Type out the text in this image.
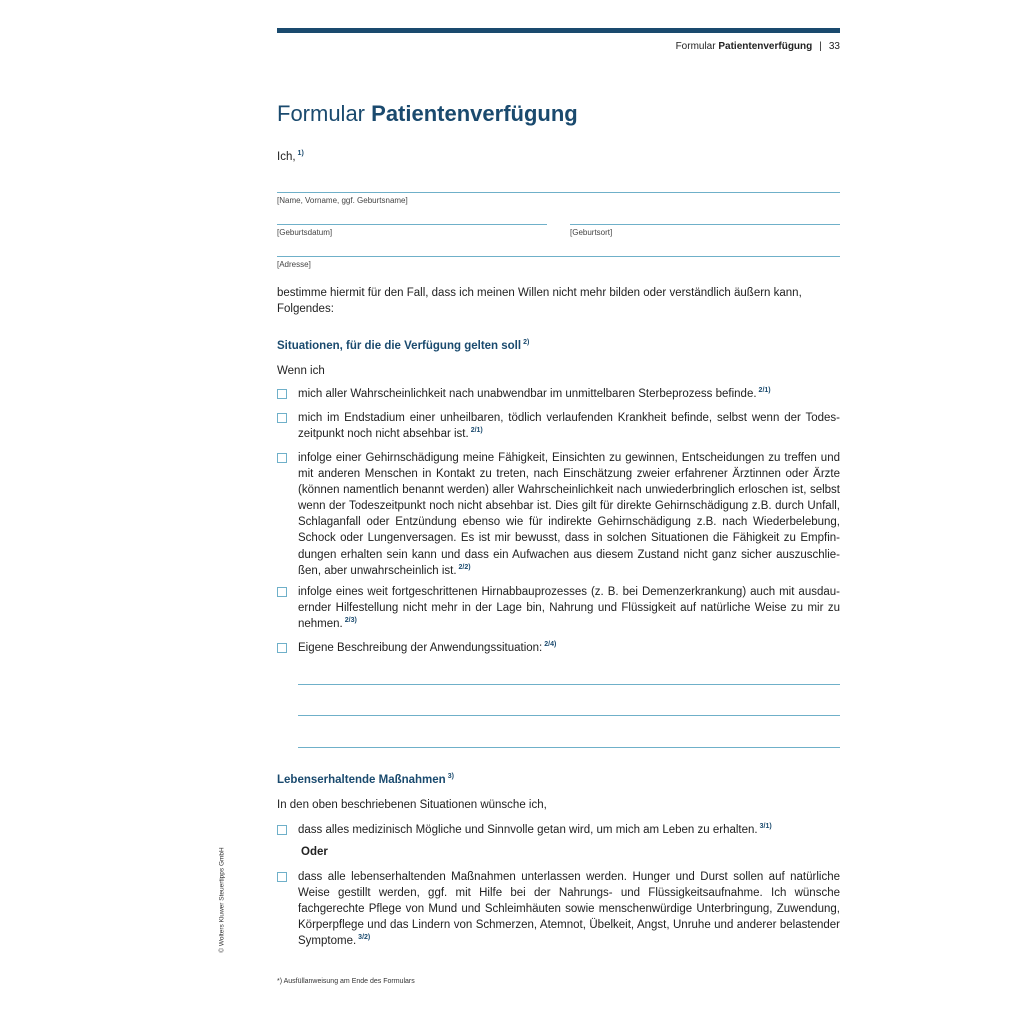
Formular Patientenverfügung | 33
Formular Patientenverfügung
Ich, $^{1)}$
[Name, Vorname, ggf. Geburtsname]
[Geburtsdatum]	[Geburtsort]
[Adresse]
bestimme hiermit für den Fall, dass ich meinen Willen nicht mehr bilden oder verständlich äußern kann, Folgendes:
Situationen, für die die Verfügung gelten soll $^{2)}$
Wenn ich
mich aller Wahrscheinlichkeit nach unabwendbar im unmittelbaren Sterbeprozess befinde. $^{2/1)}$
mich im Endstadium einer unheilbaren, tödlich verlaufenden Krankheit befinde, selbst wenn der Todes-zeitpunkt noch nicht absehbar ist. $^{2/1)}$
infolge einer Gehirnschädigung meine Fähigkeit, Einsichten zu gewinnen, Entscheidungen zu treffen und mit anderen Menschen in Kontakt zu treten, nach Einschätzung zweier erfahrener Ärztinnen oder Ärzte (können namentlich benannt werden) aller Wahrscheinlichkeit nach unwiederbringlich erloschen ist, selbst wenn der Todeszeitpunkt noch nicht absehbar ist. Dies gilt für direkte Gehirnschädigung z.B. durch Unfall, Schlaganfall oder Entzündung ebenso wie für indirekte Gehirnschädigung z.B. nach Wiederbelebung, Schock oder Lungenversagen. Es ist mir bewusst, dass in solchen Situationen die Fähigkeit zu Empfin-dungen erhalten sein kann und dass ein Aufwachen aus diesem Zustand nicht ganz sicher auszuschlie-ßen, aber unwahrscheinlich ist. $^{2/2)}$
infolge eines weit fortgeschrittenen Hirnabbauprozesses (z. B. bei Demenzerkrankung) auch mit ausdau-ernder Hilfestellung nicht mehr in der Lage bin, Nahrung und Flüssigkeit auf natürliche Weise zu mir zu nehmen. $^{2/3)}$
Eigene Beschreibung der Anwendungssituation: $^{2/4)}$
Lebenserhaltende Maßnahmen $^{3)}$
In den oben beschriebenen Situationen wünsche ich,
dass alles medizinisch Mögliche und Sinnvolle getan wird, um mich am Leben zu erhalten. $^{3/1)}$
Oder
dass alle lebenserhaltenden Maßnahmen unterlassen werden. Hunger und Durst sollen auf natürliche Weise gestillt werden, ggf. mit Hilfe bei der Nahrungs- und Flüssigkeitsaufnahme. Ich wünsche fachgerechte Pflege von Mund und Schleimhäuten sowie menschenwürdige Unterbringung, Zuwendung, Körperpflege und das Lindern von Schmerzen, Atemnot, Übelkeit, Angst, Unruhe und anderer belastender Symptome. $^{3/2)}$
© Wolters Kluwer Steuertipps GmbH
*) Ausfüllanweisung am Ende des Formulars
